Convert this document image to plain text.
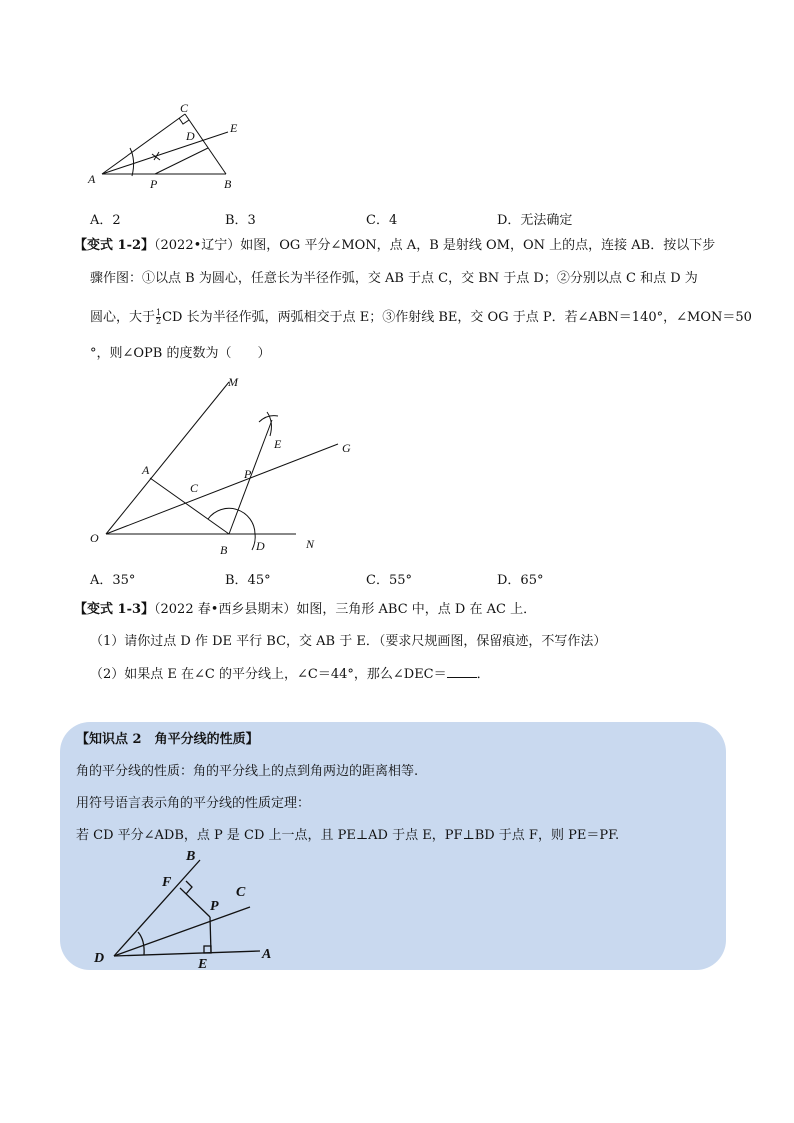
A	B
C
D
E
P
A．2	B．3	C．4	D．无法确定
【变式 1-2】（2022•辽宁）如图，OG 平分∠MON，点 A，B 是射线 OM，ON 上的点，连接 AB．按以下步
骤作图：①以点 B 为圆心，任意长为半径作弧，交 AB 于点 C，交 BN 于点 D；②分别以点 C 和点 D 为
圆心，大于 $\frac{1}{2}$ CD 长为半径作弧，两弧相交于点 E；③作射线 BE，交 OG 于点 P．若∠ABN＝140°，∠MON＝50
°，则∠OPB 的度数为（　　）
M
A
C
E
P
G
O
B D	N
A．35°	B．45°	C．55°	D．65°
【变式 1-3】（2022 春•西乡县期末）如图，三角形 ABC 中，点 D 在 AC 上．
（1）请你过点 D 作 DE 平行 BC，交 AB 于 E．（要求尺规画图，保留痕迹，不写作法）
（2）如果点 E 在∠C 的平分线上，∠C＝44°，那么∠DEC＝ ．
【知识点 2　角平分线的性质】
角的平分线的性质：角的平分线上的点到角两边的距离相等.
用符号语言表示角的平分线的性质定理：
若 CD 平分∠ADB，点 P 是 CD 上一点，且 PE⊥AD 于点 E，PF⊥BD 于点 F，则 PE＝PF.
B
F
P
C
D	E
A
